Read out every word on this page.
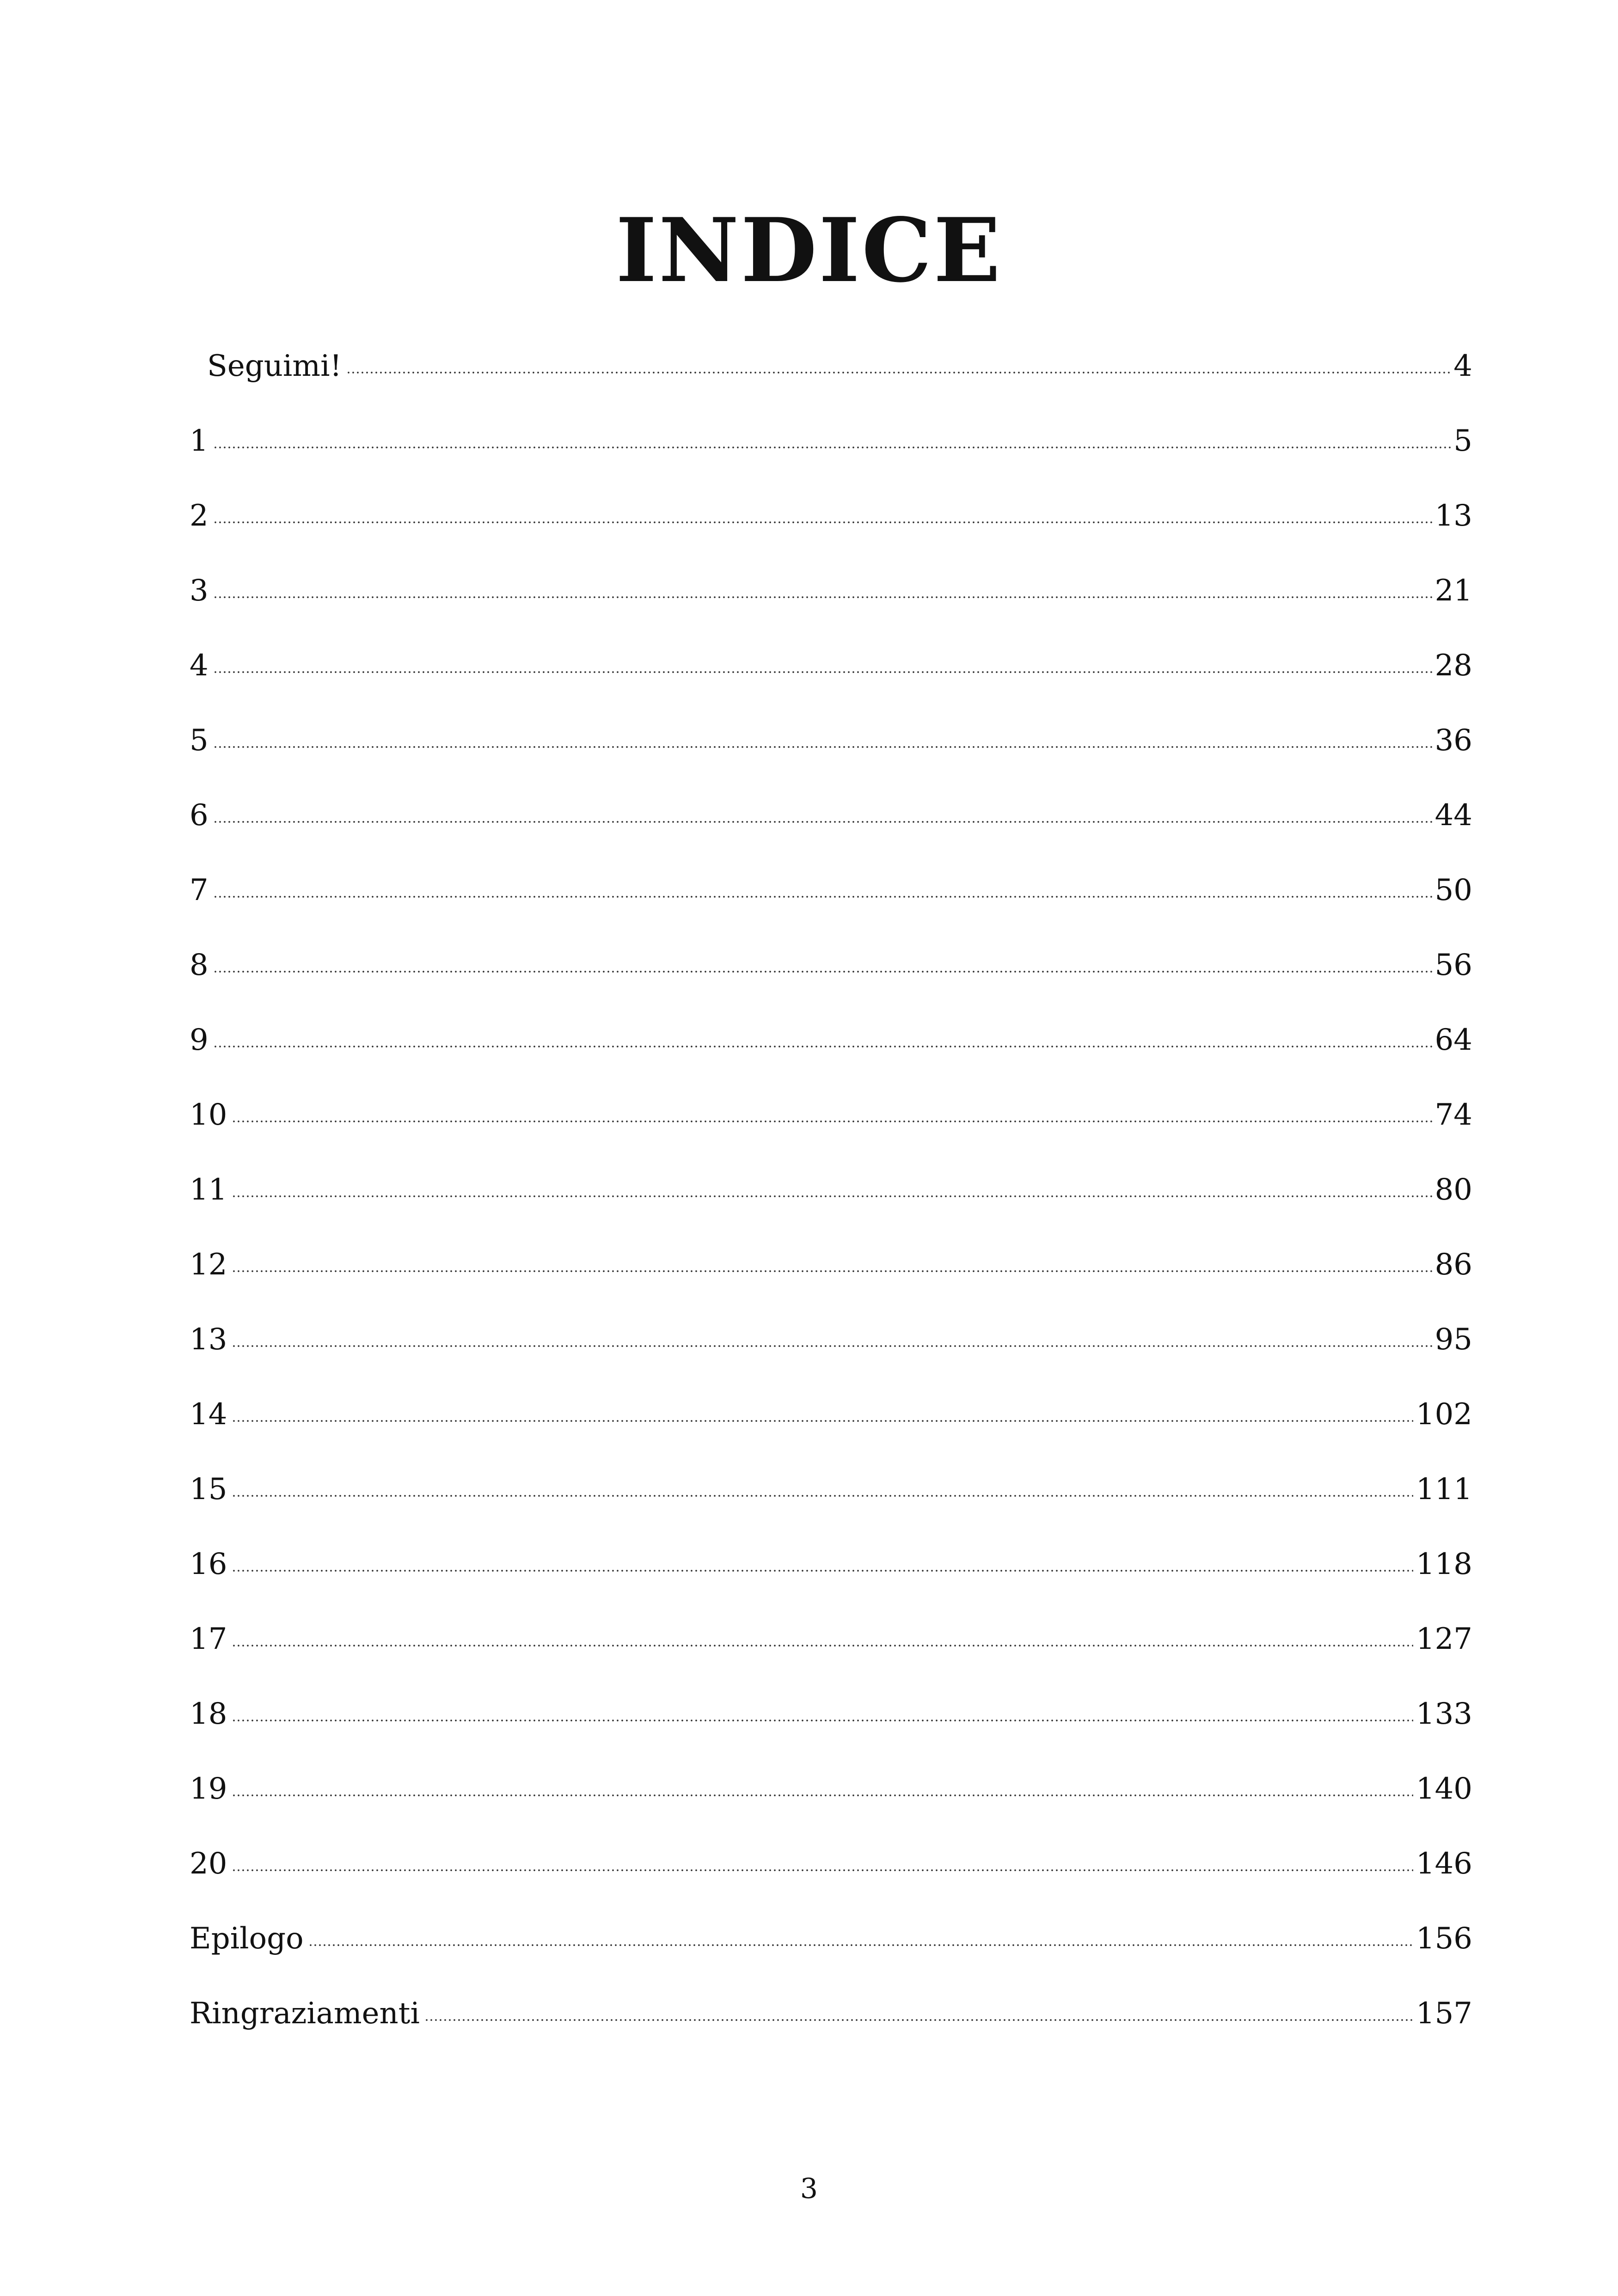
INDICE
Seguimi!	4
1	5
2	13
3	21
4	28
5	36
6	44
7	50
8	56
9	64
10	74
11	80
12	86
13	95
14	102
15	111
16	118
17	127
18	133
19	140
20	146
Epilogo	156
Ringraziamenti	157
3
